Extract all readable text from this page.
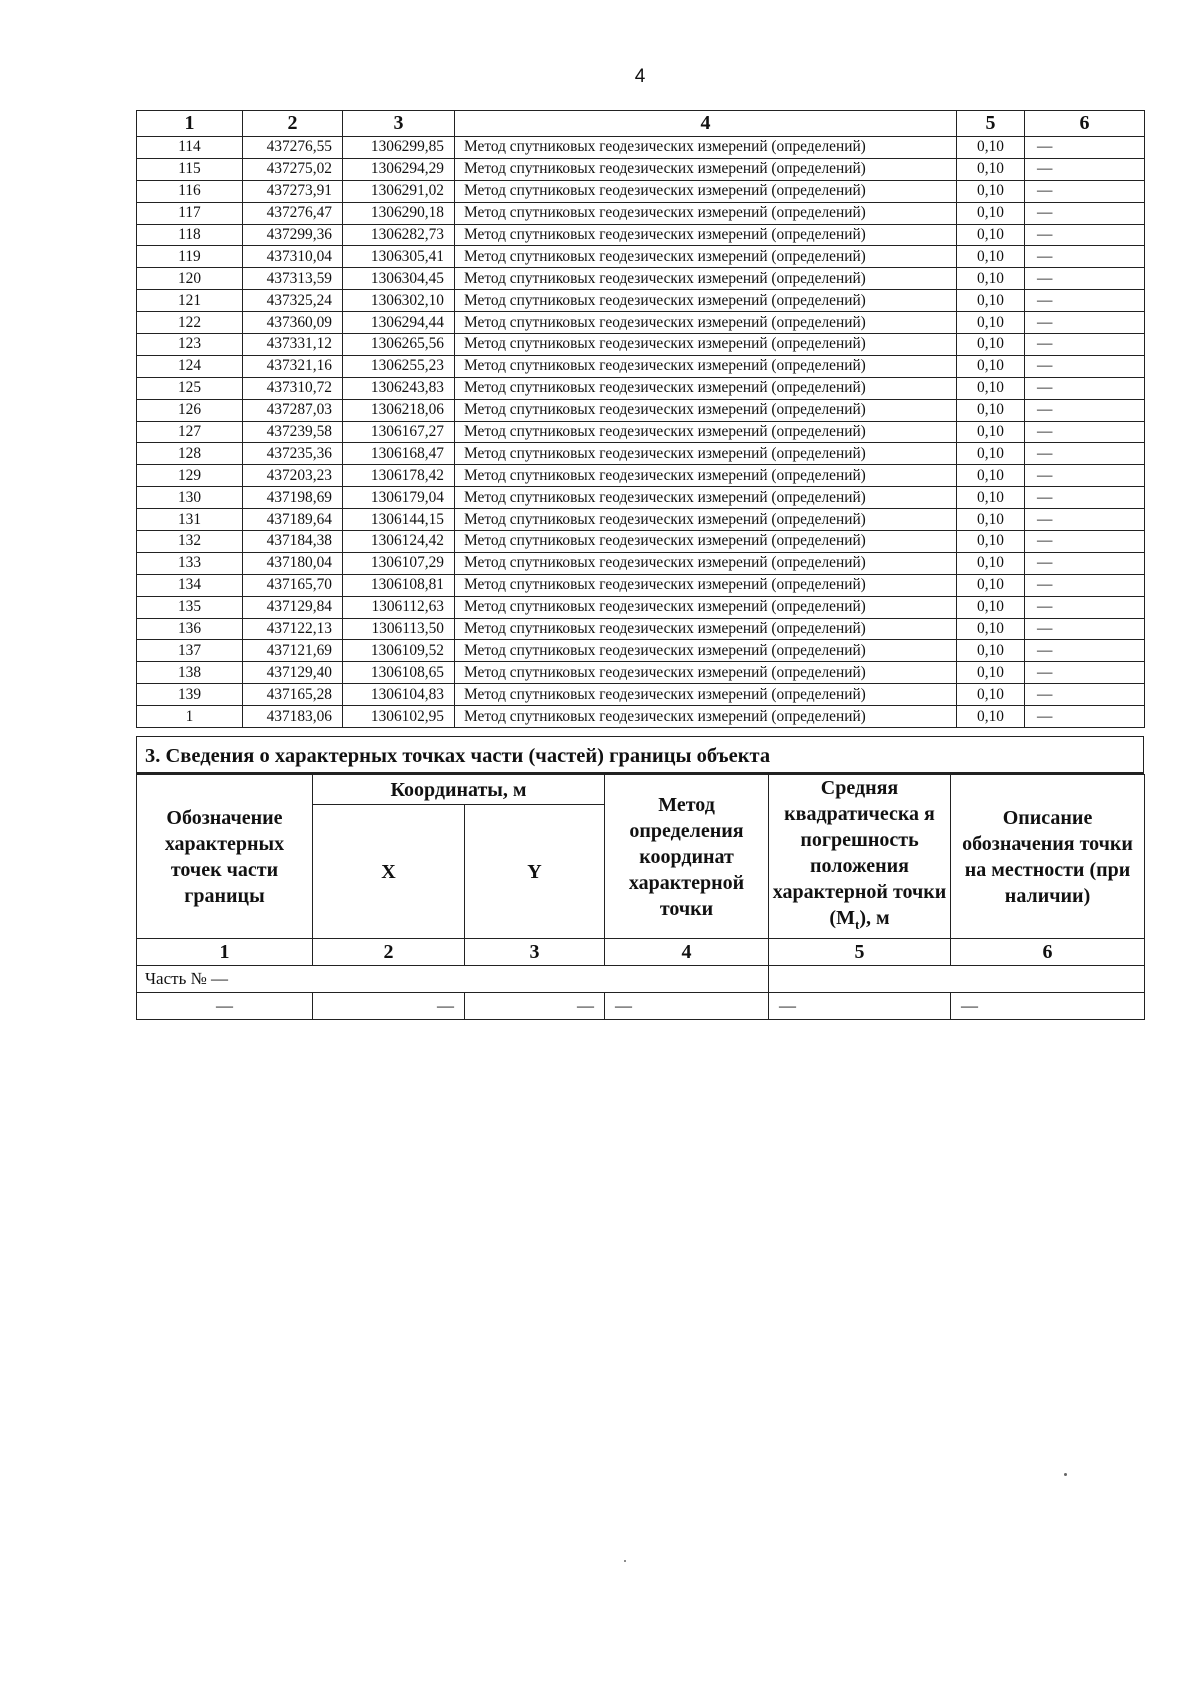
4
1	2	3	4	5	6
114	437276,55	1306299,85	Метод спутниковых геодезических измерений (определений)	0,10	—
115	437275,02	1306294,29	Метод спутниковых геодезических измерений (определений)	0,10	—
116	437273,91	1306291,02	Метод спутниковых геодезических измерений (определений)	0,10	—
117	437276,47	1306290,18	Метод спутниковых геодезических измерений (определений)	0,10	—
118	437299,36	1306282,73	Метод спутниковых геодезических измерений (определений)	0,10	—
119	437310,04	1306305,41	Метод спутниковых геодезических измерений (определений)	0,10	—
120	437313,59	1306304,45	Метод спутниковых геодезических измерений (определений)	0,10	—
121	437325,24	1306302,10	Метод спутниковых геодезических измерений (определений)	0,10	—
122	437360,09	1306294,44	Метод спутниковых геодезических измерений (определений)	0,10	—
123	437331,12	1306265,56	Метод спутниковых геодезических измерений (определений)	0,10	—
124	437321,16	1306255,23	Метод спутниковых геодезических измерений (определений)	0,10	—
125	437310,72	1306243,83	Метод спутниковых геодезических измерений (определений)	0,10	—
126	437287,03	1306218,06	Метод спутниковых геодезических измерений (определений)	0,10	—
127	437239,58	1306167,27	Метод спутниковых геодезических измерений (определений)	0,10	—
128	437235,36	1306168,47	Метод спутниковых геодезических измерений (определений)	0,10	—
129	437203,23	1306178,42	Метод спутниковых геодезических измерений (определений)	0,10	—
130	437198,69	1306179,04	Метод спутниковых геодезических измерений (определений)	0,10	—
131	437189,64	1306144,15	Метод спутниковых геодезических измерений (определений)	0,10	—
132	437184,38	1306124,42	Метод спутниковых геодезических измерений (определений)	0,10	—
133	437180,04	1306107,29	Метод спутниковых геодезических измерений (определений)	0,10	—
134	437165,70	1306108,81	Метод спутниковых геодезических измерений (определений)	0,10	—
135	437129,84	1306112,63	Метод спутниковых геодезических измерений (определений)	0,10	—
136	437122,13	1306113,50	Метод спутниковых геодезических измерений (определений)	0,10	—
137	437121,69	1306109,52	Метод спутниковых геодезических измерений (определений)	0,10	—
138	437129,40	1306108,65	Метод спутниковых геодезических измерений (определений)	0,10	—
139	437165,28	1306104,83	Метод спутниковых геодезических измерений (определений)	0,10	—
1	437183,06	1306102,95	Метод спутниковых геодезических измерений (определений)	0,10	—
3. Сведения о характерных точках части (частей) границы объекта
Обозначение характерных точек части границы	Координаты, м		Метод определения координат характерной точки	Средняя квадратическа я погрешность положения характерной точки $(M_t)$, м	Описание обозначения точки на местности (при наличии)
	X	Y			
1	2	3	4	5	6
Часть № —					
—	—	—	—	—	—
